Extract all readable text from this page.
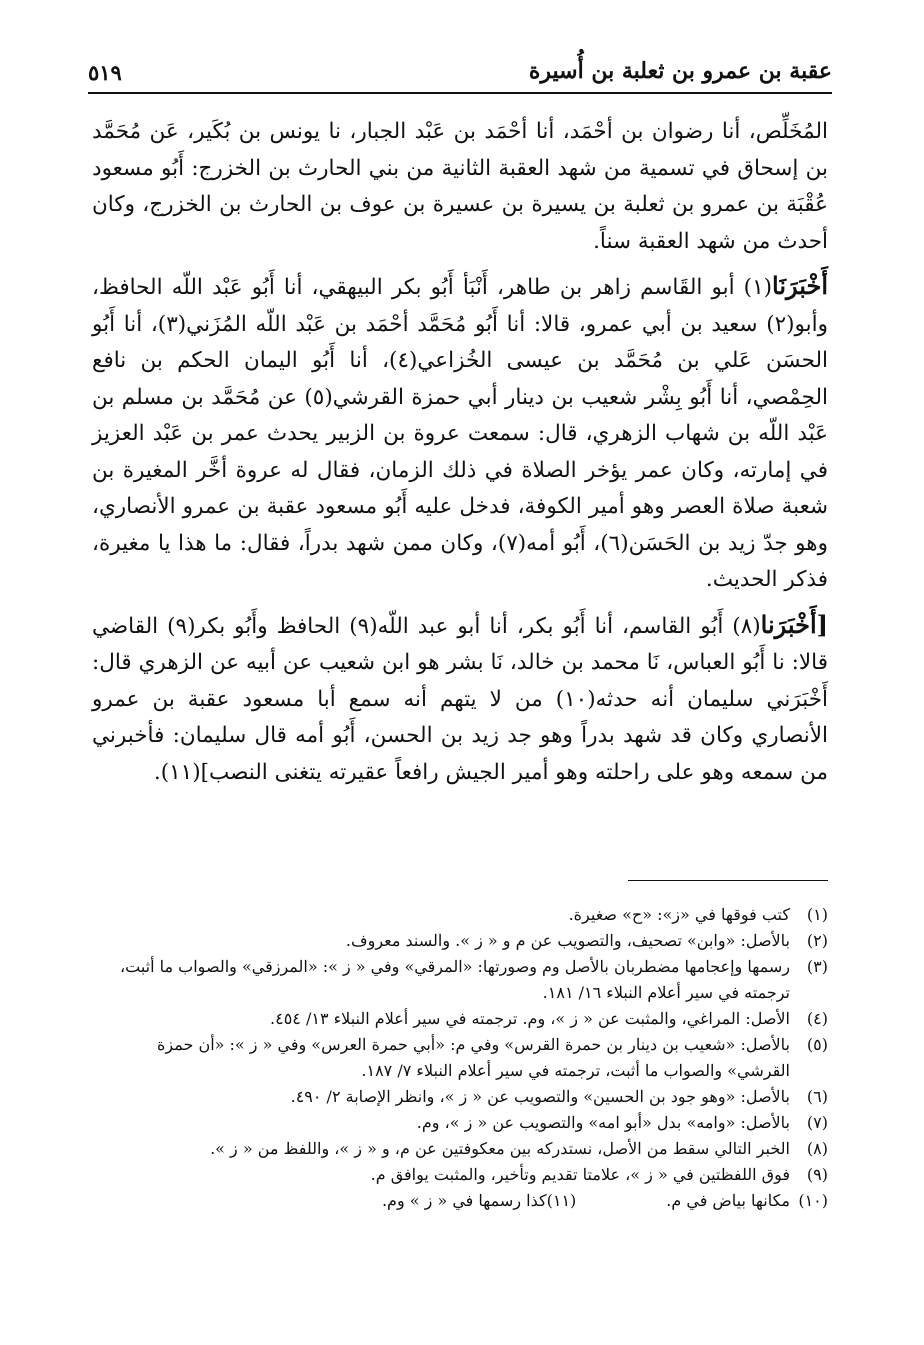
عقبة بن عمرو بن ثعلبة بن أُسيرة
٥١٩

المُخَلِّص، أنا رضوان بن أحْمَد، أنا أحْمَد بن عَبْد الجبار، نا يونس بن بُكَير، عَن مُحَمَّد بن إسحاق في تسمية من شهد العقبة الثانية من بني الحارث بن الخزرج: أَبُو مسعود عُقْبَة بن عمرو بن ثعلبة بن يسيرة بن عسيرة بن عوف بن الحارث بن الخزرج، وكان أحدث من شهد العقبة سناً.

أَخْبَرَنَا(١) أبو القَاسم زاهر بن طاهر، أَنْبَأ أَبُو بكر البيهقي، أنا أَبُو عَبْد اللّه الحافظ، وأبو(٢) سعيد بن أبي عمرو، قالا: أنا أَبُو مُحَمَّد أحْمَد بن عَبْد اللّه المُزَني(٣)، أنا أَبُو الحسَن عَلي بن مُحَمَّد بن عيسى الخُزاعي(٤)، أنا أَبُو اليمان الحكم بن نافع الحِمْصي، أنا أَبُو بِشْر شعيب بن دينار أبي حمزة القرشي(٥) عن مُحَمَّد بن مسلم بن عَبْد اللّه بن شهاب الزهري، قال: سمعت عروة بن الزبير يحدث عمر بن عَبْد العزيز في إمارته، وكان عمر يؤخر الصلاة في ذلك الزمان، فقال له عروة أخَّر المغيرة بن شعبة صلاة العصر وهو أمير الكوفة، فدخل عليه أَبُو مسعود عقبة بن عمرو الأنصاري، وهو جدّ زيد بن الحَسَن(٦)، أَبُو أمه(٧)، وكان ممن شهد بدراً، فقال: ما هذا يا مغيرة، فذكر الحديث.

[أَخْبَرَنا(٨) أَبُو القاسم، أنا أَبُو بكر، أنا أبو عبد اللّه(٩) الحافظ وأَبُو بكر(٩) القاضي قالا: نا أَبُو العباس، نَا محمد بن خالد، نَا بشر هو ابن شعيب عن أبيه عن الزهري قال: أَخْبَرَني سليمان أنه حدثه(١٠) من لا يتهم أنه سمع أبا مسعود عقبة بن عمرو الأنصاري وكان قد شهد بدراً وهو جد زيد بن الحسن، أَبُو أمه قال سليمان: فأخبرني من سمعه وهو على راحلته وهو أمير الجيش رافعاً عقيرته يتغنى النصب](١١).

(١)
كتب فوقها في «ز»: «ح» صغيرة.
(٢)
بالأصل: «وابن» تصحيف، والتصويب عن م و « ز ». والسند معروف.
(٣)
رسمها وإعجامها مضطربان بالأصل وم وصورتها: «المرقي» وفي « ز »: «المرزقي» والصواب ما أثبت، ترجمته في سير أعلام النبلاء ١٦/ ١٨١.
(٤)
الأصل: المراغي، والمثبت عن « ز »، وم. ترجمته في سير أعلام النبلاء ١٣/ ٤٥٤.
(٥)
بالأصل: «شعيب بن دينار بن حمرة القرس» وفي م: «أبي حمرة العرس» وفي « ز »: «أن حمزة القرشي» والصواب ما أثبت، ترجمته في سير أعلام النبلاء ٧/ ١٨٧.
(٦)
بالأصل: «وهو جود بن الحسين» والتصويب عن « ز »، وانظر الإصابة ٢/ ٤٩٠.
(٧)
بالأصل: «وامه» بدل «أبو امه» والتصويب عن « ز »، وم.
(٨)
الخبر التالي سقط من الأصل، نستدركه بين معكوفتين عن م، و « ز »، واللفظ من « ز ».
(٩)
فوق اللفظتين في « ز »، علامتا تقديم وتأخير، والمثبت يوافق م.
(١٠)
مكانها بياض في م.
(١١)
كذا رسمها في « ز » وم.
